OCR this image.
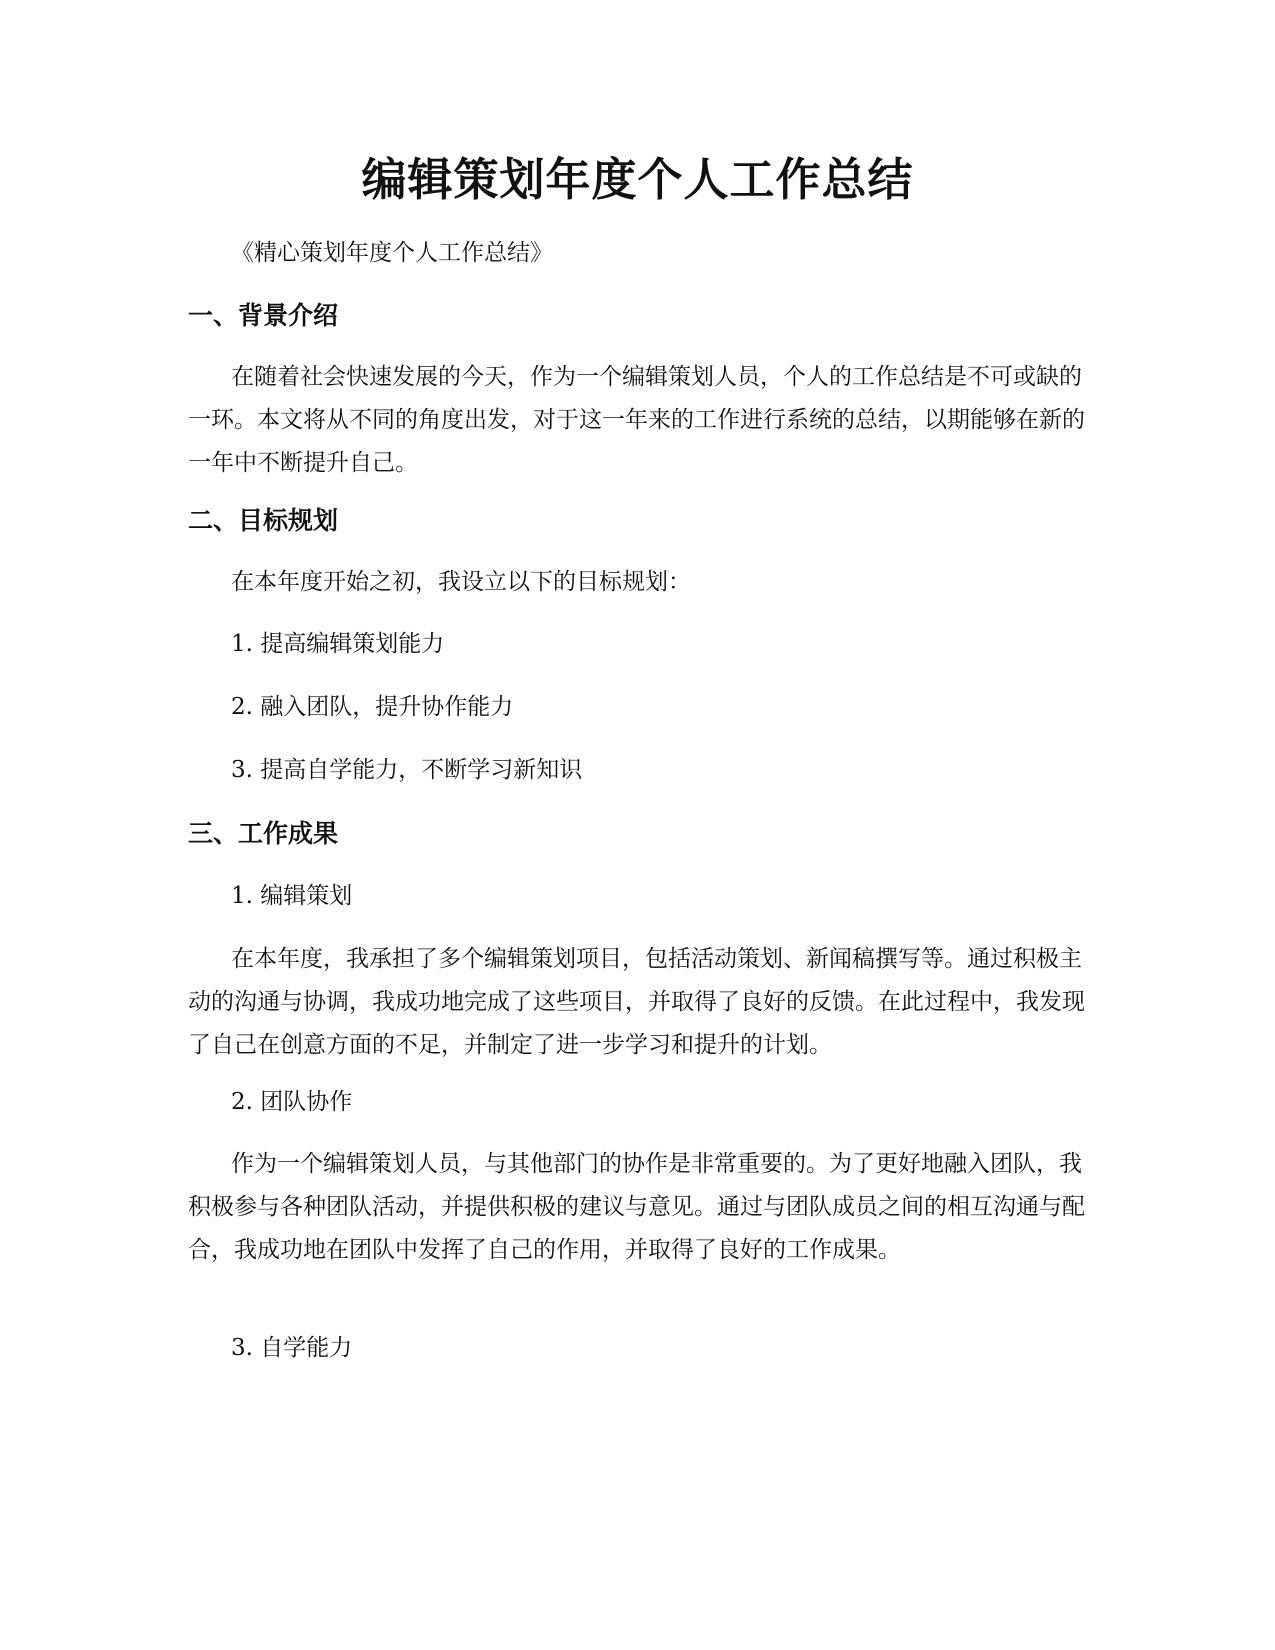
编辑策划年度个人工作总结

《精心策划年度个人工作总结》

一、背景介绍

在随着社会快速发展的今天，作为一个编辑策划人员，个人的工作总结是不可或缺的一环。本文将从不同的角度出发，对于这一年来的工作进行系统的总结，以期能够在新的一年中不断提升自己。

二、目标规划

在本年度开始之初，我设立以下的目标规划：

1. 提高编辑策划能力

2. 融入团队，提升协作能力

3. 提高自学能力，不断学习新知识

三、工作成果

1. 编辑策划

在本年度，我承担了多个编辑策划项目，包括活动策划、新闻稿撰写等。通过积极主动的沟通与协调，我成功地完成了这些项目，并取得了良好的反馈。在此过程中，我发现了自己在创意方面的不足，并制定了进一步学习和提升的计划。

2. 团队协作

作为一个编辑策划人员，与其他部门的协作是非常重要的。为了更好地融入团队，我积极参与各种团队活动，并提供积极的建议与意见。通过与团队成员之间的相互沟通与配合，我成功地在团队中发挥了自己的作用，并取得了良好的工作成果。

3. 自学能力
